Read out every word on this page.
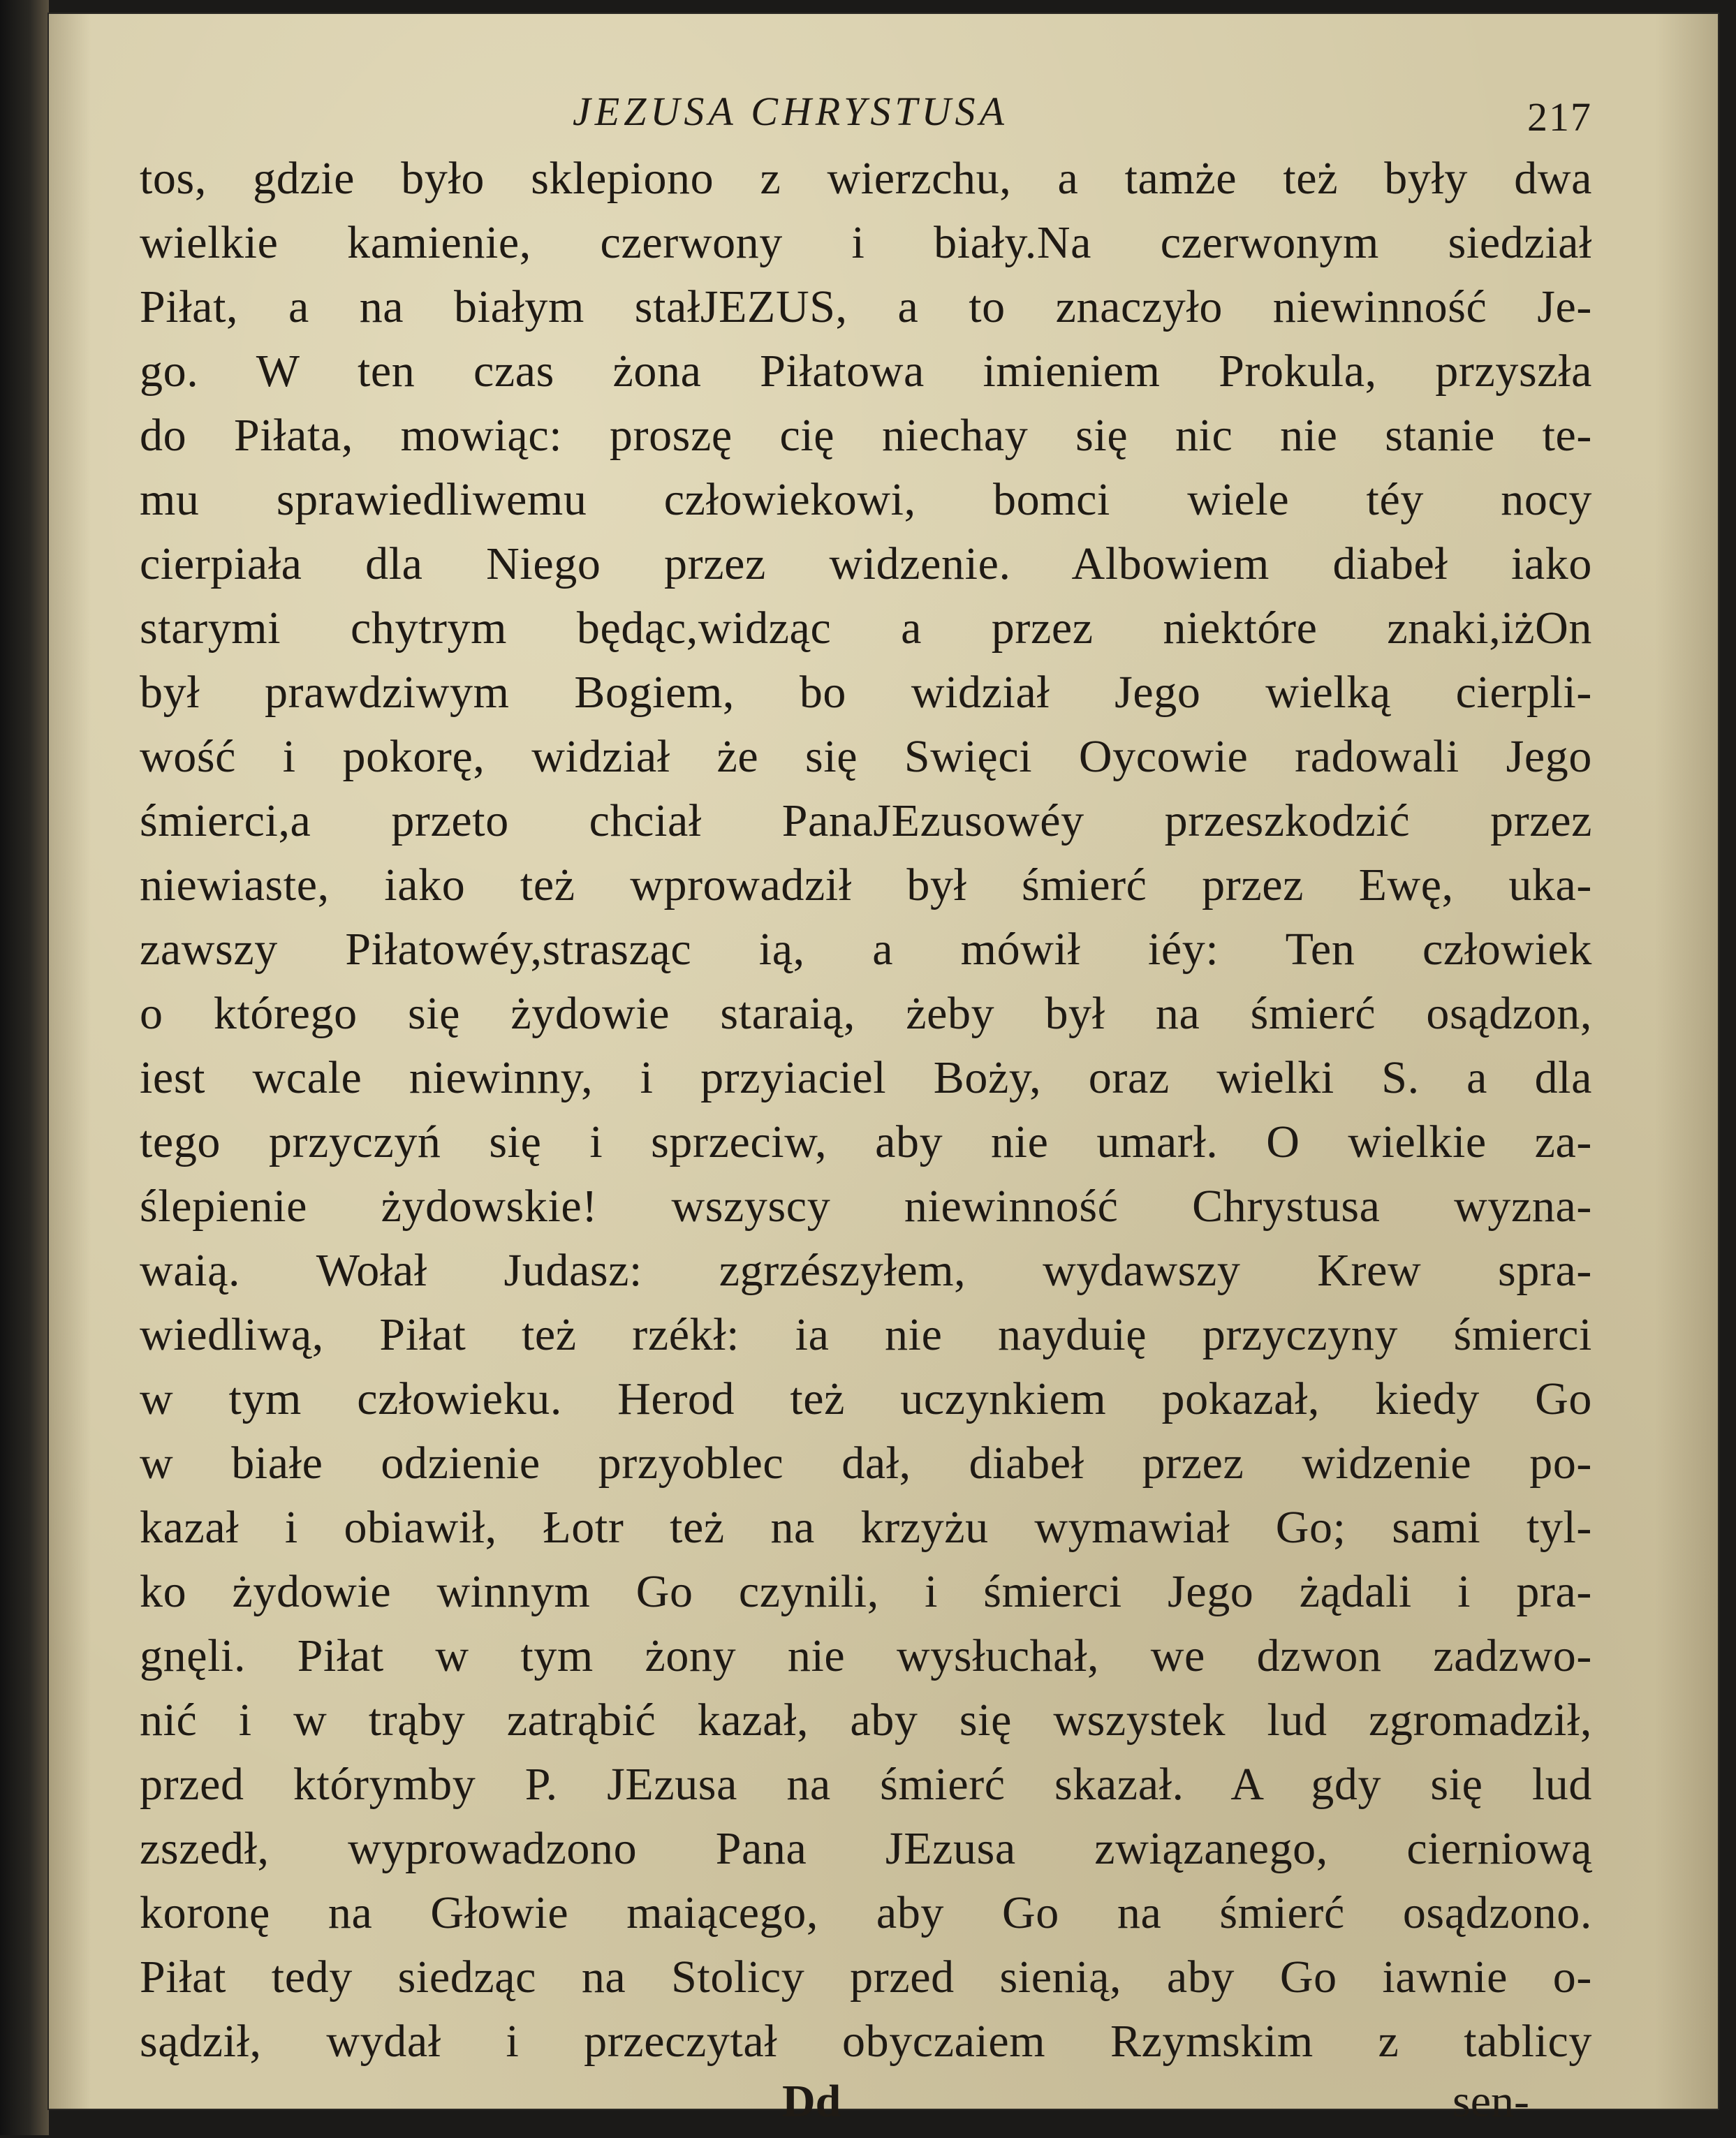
JEZUSA CHRYSTUSA	217
tos, gdzie było sklepiono z wierzchu, a tamże też były dwa
wielkie kamienie, czerwony i biały.Na czerwonym siedział
Piłat, a na białym stałJEZUS, a to znaczyło niewinność Je-
go. W ten czas żona Piłatowa imieniem Prokula, przyszła
do Piłata, mowiąc: proszę cię niechay się nic nie stanie te-
mu sprawiedliwemu człowiekowi, bomci wiele téy nocy
cierpiała dla Niego przez widzenie. Albowiem diabeł iako
starymi chytrym będąc,widząc a przez niektóre znaki,iżOn
był prawdziwym Bogiem, bo widział Jego wielką cierpli-
wość i pokorę, widział że się Swięci Oycowie radowali Jego
śmierci,a przeto chciał PanaJEzusowéy przeszkodzić przez
niewiaste, iako też wprowadził był śmierć przez Ewę, uka-
zawszy Piłatowéy,strasząc ią, a mówił iéy: Ten człowiek
o którego się żydowie staraią, żeby był na śmierć osądzon,
iest wcale niewinny, i przyiaciel Boży, oraz wielki S. a dla
tego przyczyń się i sprzeciw, aby nie umarł. O wielkie za-
ślepienie żydowskie! wszyscy niewinność Chrystusa wyzna-
waią. Wołał Judasz: zgrzészyłem, wydawszy Krew spra-
wiedliwą, Piłat też rzékł: ia nie nayduię przyczyny śmierci
w tym człowieku. Herod też uczynkiem pokazał, kiedy Go
w białe odzienie przyoblec dał, diabeł przez widzenie po-
kazał i obiawił, Łotr też na krzyżu wymawiał Go; sami tyl-
ko żydowie winnym Go czynili, i śmierci Jego żądali i pra-
gnęli. Piłat w tym żony nie wysłuchał, we dzwon zadzwo-
nić i w trąby zatrąbić kazał, aby się wszystek lud zgromadził,
przed którymby P. JEzusa na śmierć skazał. A gdy się lud
zszedł, wyprowadzono Pana JEzusa związanego, cierniową
koronę na Głowie maiącego, aby Go na śmierć osądzono.
Piłat tedy siedząc na Stolicy przed sienią, aby Go iawnie o-
sądził, wydał i przeczytał obyczaiem Rzymskim z tablicy
Dd	sen-
